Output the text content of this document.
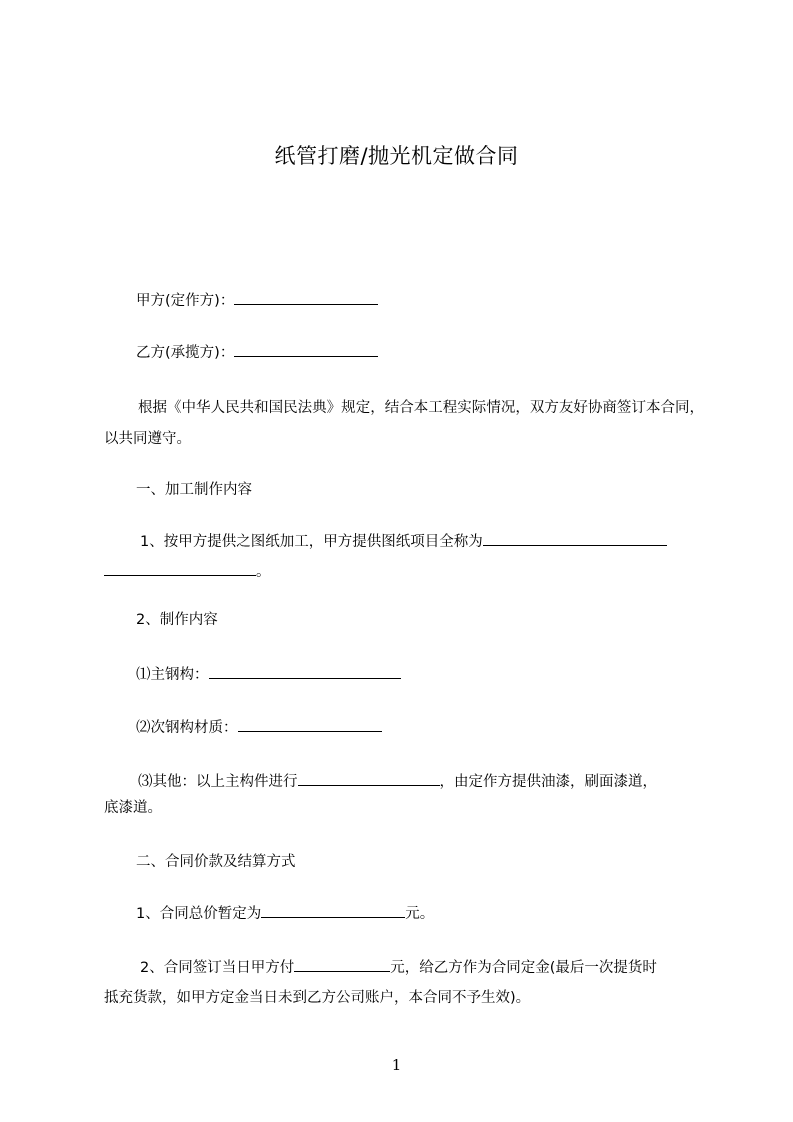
纸管打磨/抛光机定做合同
甲方(定作方)：
乙方(承揽方)：
根据《中华人民共和国民法典》规定，结合本工程实际情况，双方友好协商签订本合同，以共同遵守。
一、加工制作内容
1、按甲方提供之图纸加工，甲方提供图纸项目全称为
。
2、制作内容
⑴主钢构：
⑵次钢构材质：
⑶其他：以上主构件进行	，由定作方提供油漆，刷面漆道，
底漆道。
二、合同价款及结算方式
1、合同总价暂定为	元。
2、合同签订当日甲方付	元，给乙方作为合同定金(最后一次提货时
抵充货款，如甲方定金当日未到乙方公司账户，本合同不予生效)。
1
